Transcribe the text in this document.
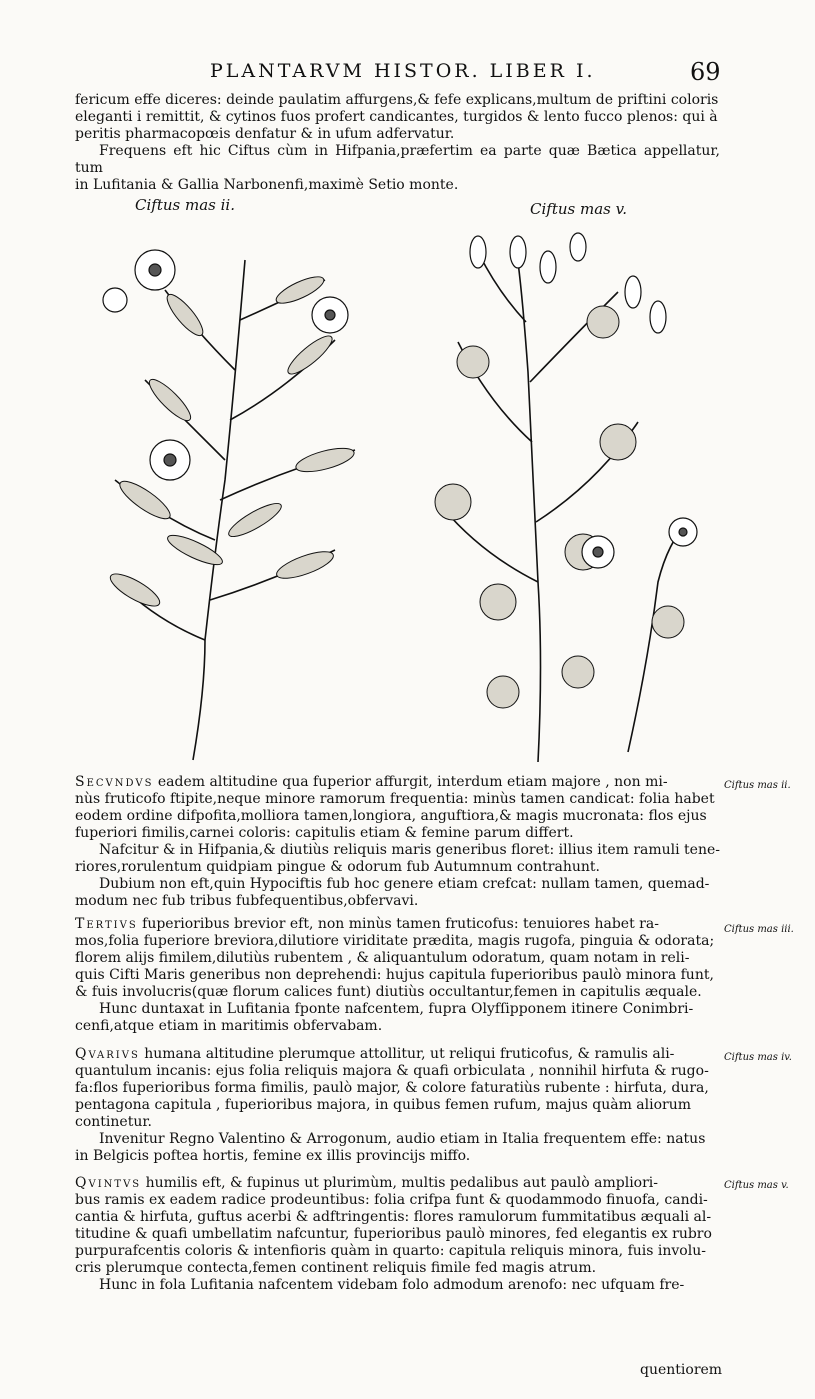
PLANTARVM HISTOR. LIBER I.	69

fericum effe diceres: deinde paulatim affurgens,& fefe explicans,multum de priftini coloris

eleganti i remittit, & cytinos fuos profert candicantes, turgidos & lento fucco plenos: qui à

peritis pharmacopœis denfatur & in ufum adfervatur.

Frequens eft hic Ciftus cùm in Hifpania,præfertim ea parte quæ Bætica appellatur, tum

in Lufitania & Gallia Narbonenfi,maximè Setio monte.

Ciftus mas ii.	Ciftus mas v.

Secvndvs eadem altitudine qua fuperior affurgit, interdum etiam majore , non mi-

nùs fruticofo ftipite,neque minore ramorum frequentia: minùs tamen candicat: folia habet

eodem ordine difpofita,molliora tamen,longiora, anguftiora,& magis mucronata: flos ejus

fuperiori fimilis,carnei coloris: capitulis etiam & femine parum differt.

Nafcitur & in Hifpania,& diutiùs reliquis maris generibus floret: illius item ramuli tene-

riores,rorulentum quidpiam pingue & odorum fub Autumnum contrahunt.

Dubium non eft,quin Hypociftis fub hoc genere etiam crefcat: nullam tamen, quemad-

modum nec fub tribus fubfequentibus,obfervavi.

Ciftus mas ii.

Tertivs fuperioribus brevior eft, non minùs tamen fruticofus: tenuiores habet ra-

mos,folia fuperiore breviora,dilutiore viriditate prædita, magis rugofa, pinguia & odorata;

florem alijs fimilem,dilutiùs rubentem , & aliquantulum odoratum, quam notam in reli-

quis Cifti Maris generibus non deprehendi: hujus capitula fuperioribus paulò minora funt,

& fuis involucris(quæ florum calices funt) diutiùs occultantur,femen in capitulis æquale.

Hunc duntaxat in Lufitania fponte nafcentem, fupra Olyfſipponem itinere Conimbri-

cenfi,atque etiam in maritimis obfervabam.

Ciftus mas iii.

Qvarivs humana altitudine plerumque attollitur, ut reliqui fruticofus, & ramulis ali-

quantulum incanis: ejus folia reliquis majora & quafi orbiculata , nonnihil hirfuta & rugo-

fa:flos fuperioribus forma fimilis, paulò major, & colore faturatiùs rubente : hirfuta, dura,

pentagona capitula , fuperioribus majora, in quibus femen rufum, majus quàm aliorum

continetur.

Invenitur Regno Valentino & Arrogonum, audio etiam in Italia frequentem effe: natus

in Belgicis poftea hortis, femine ex illis provincijs miffo.

Ciftus mas iv.

Qvintvs humilis eft, & fupinus ut plurimùm, multis pedalibus aut paulò ampliori-

bus ramis ex eadem radice prodeuntibus: folia crifpa funt & quodammodo finuofa, candi-

cantia & hirfuta, guftus acerbi & adftringentis: flores ramulorum fummitatibus æquali al-

titudine & quafi umbellatim nafcuntur, fuperioribus paulò minores, fed elegantis ex rubro

purpurafcentis coloris & intenfioris quàm in quarto: capitula reliquis minora, fuis involu-

cris plerumque contecta,femen continent reliquis fimile fed magis atrum.

Hunc in fola Lufitania nafcentem videbam folo admodum arenofo: nec ufquam fre-

Ciftus mas v.
quentiorem
